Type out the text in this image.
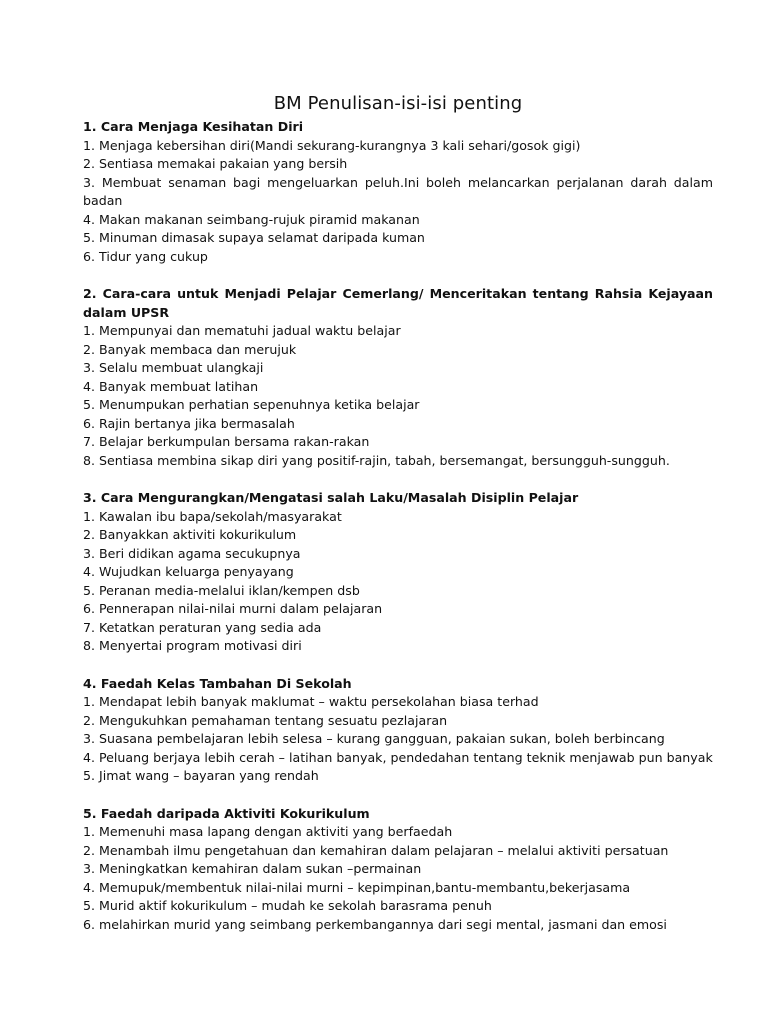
BM Penulisan-isi-isi penting
1. Cara Menjaga Kesihatan Diri
1. Menjaga kebersihan diri(Mandi sekurang-kurangnya 3 kali sehari/gosok gigi)
2. Sentiasa memakai pakaian yang bersih
3. Membuat senaman bagi mengeluarkan peluh.Ini boleh melancarkan perjalanan darah dalam badan
4. Makan makanan seimbang-rujuk piramid makanan
5. Minuman dimasak supaya selamat daripada kuman
6. Tidur yang cukup
2. Cara-cara untuk Menjadi Pelajar Cemerlang/ Menceritakan tentang Rahsia Kejayaan dalam UPSR
1. Mempunyai dan mematuhi jadual waktu belajar
2. Banyak membaca dan merujuk
3. Selalu membuat ulangkaji
4. Banyak membuat latihan
5. Menumpukan perhatian sepenuhnya ketika belajar
6. Rajin bertanya jika bermasalah
7. Belajar berkumpulan bersama rakan-rakan
8. Sentiasa membina sikap diri yang positif-rajin, tabah, bersemangat, bersungguh-sungguh.
3. Cara Mengurangkan/Mengatasi salah Laku/Masalah Disiplin Pelajar
1. Kawalan ibu bapa/sekolah/masyarakat
2. Banyakkan aktiviti kokurikulum
3. Beri didikan agama secukupnya
4. Wujudkan keluarga penyayang
5. Peranan media-melalui iklan/kempen dsb
6. Pennerapan nilai-nilai murni dalam pelajaran
7. Ketatkan peraturan yang sedia ada
8. Menyertai program motivasi diri
4. Faedah Kelas Tambahan Di Sekolah
1. Mendapat lebih banyak maklumat – waktu persekolahan biasa terhad
2. Mengukuhkan pemahaman tentang sesuatu pezlajaran
3. Suasana pembelajaran lebih selesa – kurang gangguan, pakaian sukan, boleh berbincang
4. Peluang berjaya lebih cerah – latihan banyak, pendedahan tentang teknik menjawab pun banyak
5. Jimat wang – bayaran yang rendah
5. Faedah daripada Aktiviti Kokurikulum
1. Memenuhi masa lapang dengan aktiviti yang berfaedah
2. Menambah ilmu pengetahuan dan kemahiran dalam pelajaran – melalui aktiviti persatuan
3. Meningkatkan kemahiran dalam sukan –permainan
4. Memupuk/membentuk nilai-nilai murni – kepimpinan,bantu-membantu,bekerjasama
5. Murid aktif kokurikulum – mudah ke sekolah barasrama penuh
6. melahirkan murid yang seimbang perkembangannya dari segi mental, jasmani dan emosi
